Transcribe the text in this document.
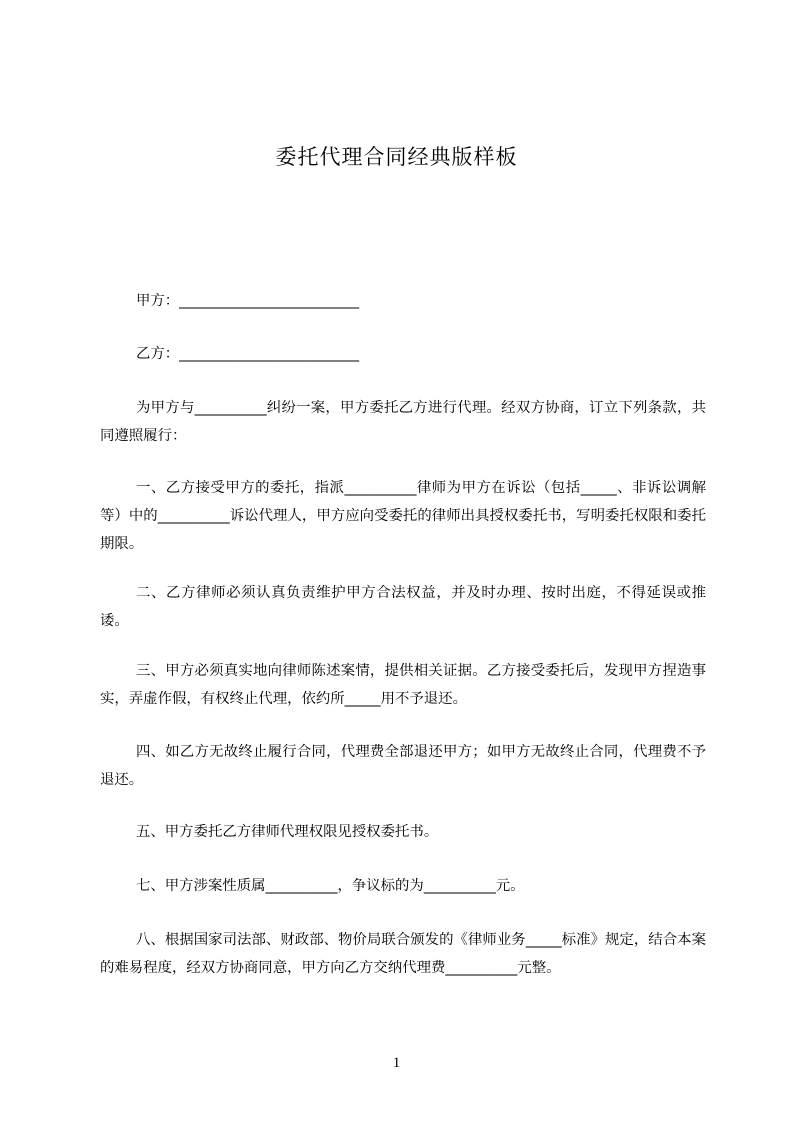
委托代理合同经典版样板
甲方：_________________________
乙方：_________________________
为甲方与__________纠纷一案，甲方委托乙方进行代理。经双方协商，订立下列条款，共同遵照履行：
一、乙方接受甲方的委托，指派__________律师为甲方在诉讼（包括_____、非诉讼调解等）中的__________诉讼代理人，甲方应向受委托的律师出具授权委托书，写明委托权限和委托期限。
二、乙方律师必须认真负责维护甲方合法权益，并及时办理、按时出庭，不得延误或推诿。
三、甲方必须真实地向律师陈述案情，提供相关证据。乙方接受委托后，发现甲方捏造事实，弄虚作假，有权终止代理，依约所_____用不予退还。
四、如乙方无故终止履行合同，代理费全部退还甲方；如甲方无故终止合同，代理费不予退还。
五、甲方委托乙方律师代理权限见授权委托书。
七、甲方涉案性质属__________，争议标的为__________元。
八、根据国家司法部、财政部、物价局联合颁发的《律师业务_____标准》规定，结合本案的难易程度，经双方协商同意，甲方向乙方交纳代理费__________元整。
1
